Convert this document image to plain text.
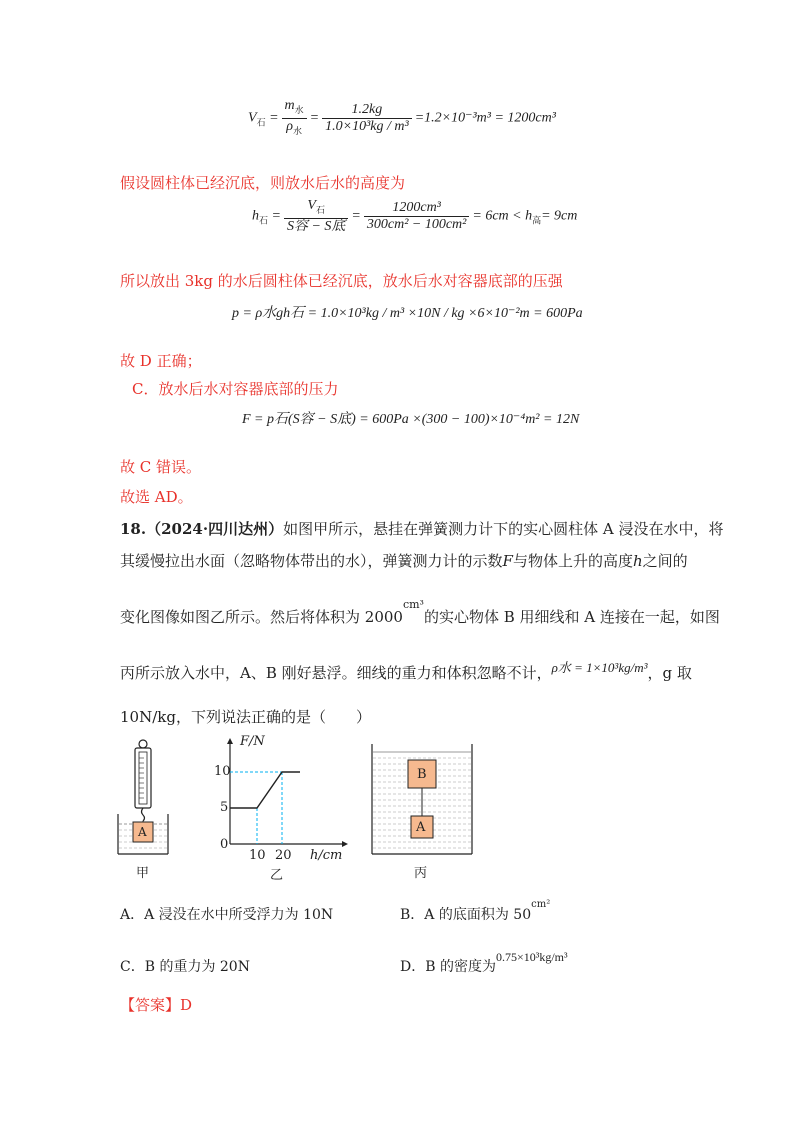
$V_石 = \frac{m_水}{\rho_水} = \frac{1.2kg}{\text{1.0×10³kg / m³}} =1.2\times 10^{-3}m^3 = 1200cm^3$
假设圆柱体已经沉底，则放水后水的高度为
$h_石 = \frac{V_石}{\text{S容 − S底}} = \frac{\text{1200cm³}}{\text{300cm² − 100cm²}} = 6cm < h_高= 9cm$
所以放出 3kg 的水后圆柱体已经沉底，放水后水对容器底部的压强
p = ρ水gh石 = 1.0×10³kg / m³ ×10N / kg ×6×10⁻²m = 600Pa
故 D 正确；
C．放水后水对容器底部的压力
F = p石(S容 − S底) = 600Pa ×(300 − 100)×10⁻⁴m² = 12N
故 C 错误。
故选 AD。
18.（2024·四川达州）如图甲所示，悬挂在弹簧测力计下的实心圆柱体 A 浸没在水中，将
其缓慢拉出水面（忽略物体带出的水），弹簧测力计的示数F与物体上升的高度h之间的
变化图像如图乙所示。然后将体积为 $2000^{cm^3}$的实心物体 B 用细线和 A 连接在一起，如图
丙所示放入水中，A、B 刚好悬浮。细线的重力和体积忽略不计，ρ水 = 1×10³kg/m³，g 取
10N/kg，下列说法正确的是（　　）
A
甲
F/N
10
5
0
10 20 h/cm
乙
B
A
丙
A．A 浸没在水中所受浮力为 10N	B．A 的底面积为 $50^{cm^2}$
C．B 的重力为 20N	D．B 的密度为0.75×10³kg/m³
【答案】D
